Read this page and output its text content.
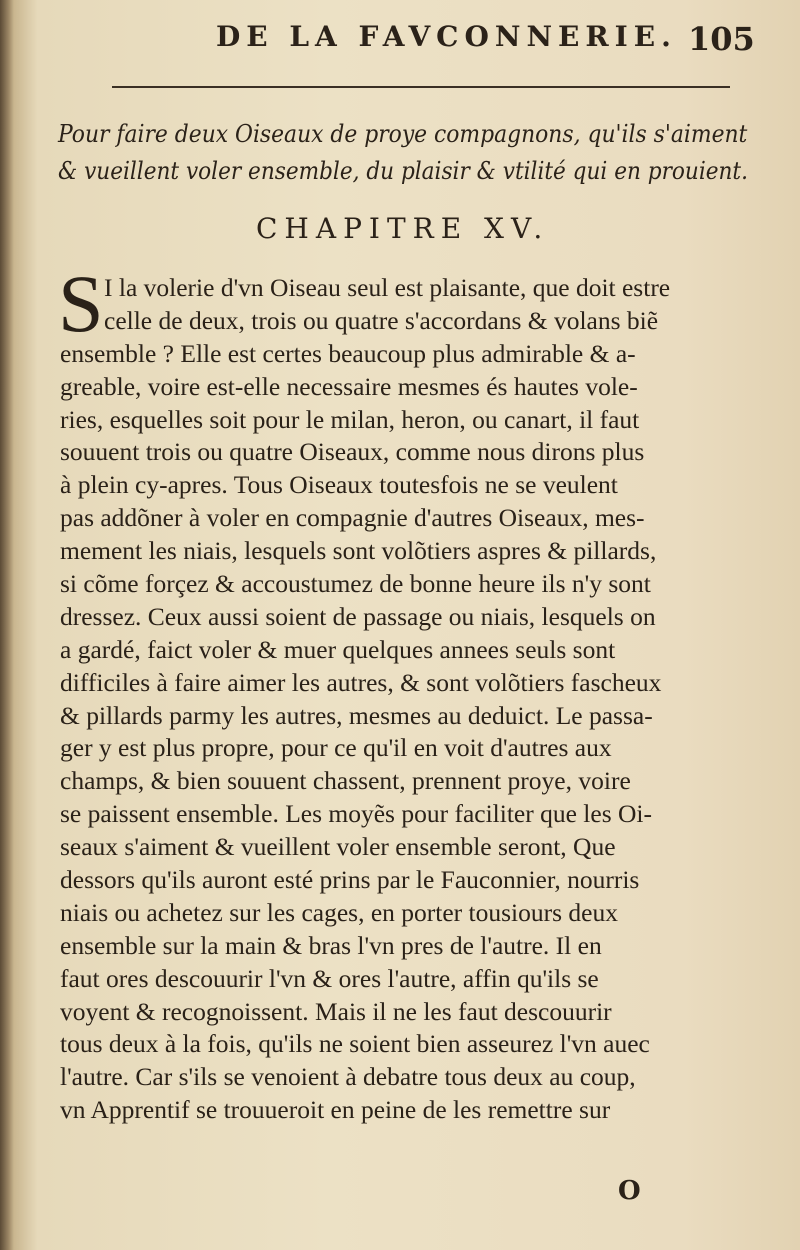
DE LA FAVCONNERIE. 105
Pour faire deux Oiseaux de proye compagnons, qu'ils s'aiment
& vueillent voler ensemble, du plaisir & vtilité qui en prouient.
CHAPITRE XV.
S I la volerie d'vn Oiseau seul est plaisante, que doit estre
celle de deux, trois ou quatre s'accordans & volans biẽ
ensemble ? Elle est certes beaucoup plus admirable & a-
greable, voire est-elle necessaire mesmes és hautes vole-
ries, esquelles soit pour le milan, heron, ou canart, il faut
souuent trois ou quatre Oiseaux, comme nous dirons plus
à plein cy-apres. Tous Oiseaux toutesfois ne se veulent
pas addõner à voler en compagnie d'autres Oiseaux, mes-
mement les niais, lesquels sont volõtiers aspres & pillards,
si cõme forçez & accoustumez de bonne heure ils n'y sont
dressez. Ceux aussi soient de passage ou niais, lesquels on
a gardé, faict voler & muer quelques annees seuls sont
difficiles à faire aimer les autres, & sont volõtiers fascheux
& pillards parmy les autres, mesmes au deduict. Le passa-
ger y est plus propre, pour ce qu'il en voit d'autres aux
champs, & bien souuent chassent, prennent proye, voire
se paissent ensemble. Les moyẽs pour faciliter que les Oi-
seaux s'aiment & vueillent voler ensemble seront, Que
dessors qu'ils auront esté prins par le Fauconnier, nourris
niais ou achetez sur les cages, en porter tousiours deux
ensemble sur la main & bras l'vn pres de l'autre. Il en
faut ores descouurir l'vn & ores l'autre, affin qu'ils se
voyent & recognoissent. Mais il ne les faut descouurir
tous deux à la fois, qu'ils ne soient bien asseurez l'vn auec
l'autre. Car s'ils se venoient à debatre tous deux au coup,
vn Apprentif se trouueroit en peine de les remettre sur
O
